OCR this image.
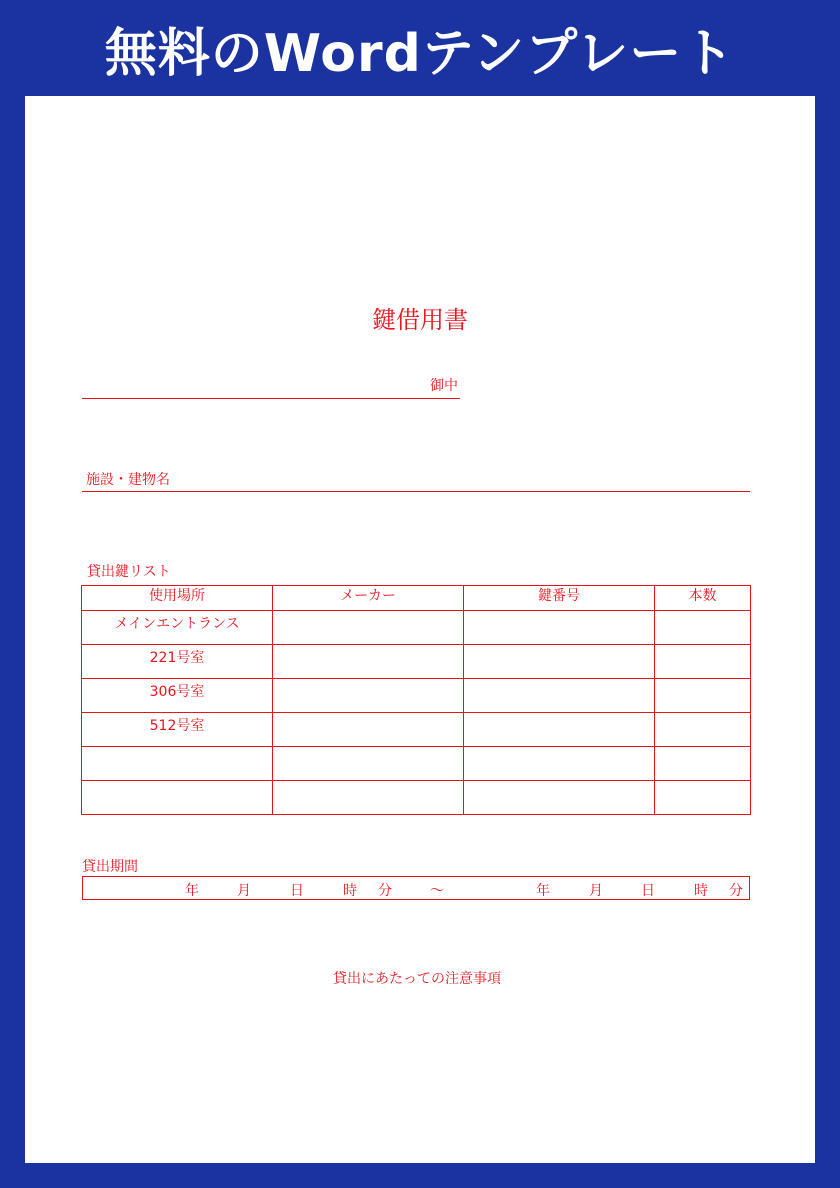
無料のWordテンプレート
鍵借用書
御中
施設・建物名
貸出鍵リスト
使用場所	メーカー	鍵番号	本数
メインエントランス			
221号室			
306号室			
512号室			

貸出期間
年	月	日	時 分	～	年	月	日	時 分
貸出にあたっての注意事項
